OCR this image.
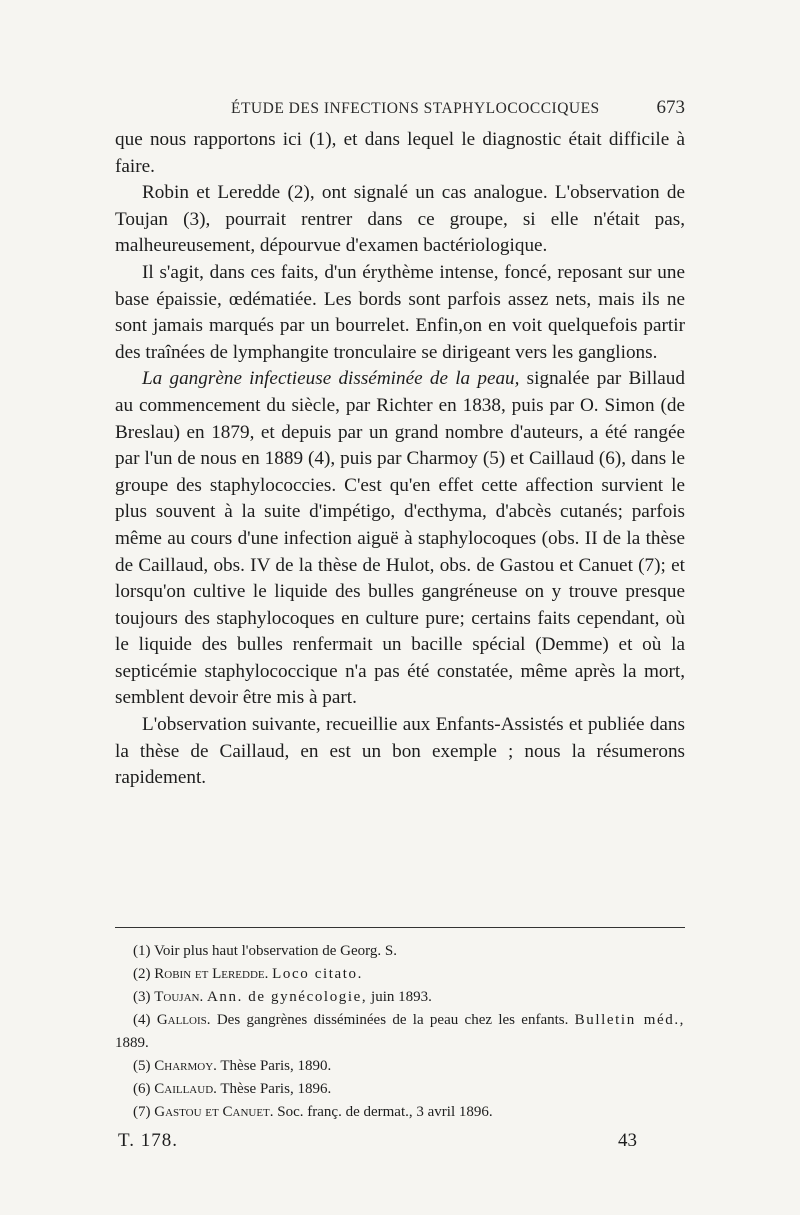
ÉTUDE DES INFECTIONS STAPHYLOCOCCIQUES	673

que nous rapportons ici (1), et dans lequel le diagnostic était difficile à faire.

Robin et Leredde (2), ont signalé un cas analogue. L'observation de Toujan (3), pourrait rentrer dans ce groupe, si elle n'était pas, malheureusement, dépourvue d'examen bactériologique.

Il s'agit, dans ces faits, d'un érythème intense, foncé, reposant sur une base épaissie, œdématiée. Les bords sont parfois assez nets, mais ils ne sont jamais marqués par un bourrelet. Enfin,on en voit quelquefois partir des traînées de lymphangite tronculaire se dirigeant vers les ganglions.

La gangrène infectieuse disséminée de la peau, signalée par Billaud au commencement du siècle, par Richter en 1838, puis par O. Simon (de Breslau) en 1879, et depuis par un grand nombre d'auteurs, a été rangée par l'un de nous en 1889 (4), puis par Charmoy (5) et Caillaud (6), dans le groupe des staphylococcies. C'est qu'en effet cette affection survient le plus souvent à la suite d'impétigo, d'ecthyma, d'abcès cutanés; parfois même au cours d'une infection aiguë à staphylocoques (obs. II de la thèse de Caillaud, obs. IV de la thèse de Hulot, obs. de Gastou et Canuet (7); et lorsqu'on cultive le liquide des bulles gangréneuse on y trouve presque toujours des staphylocoques en culture pure; certains faits cependant, où le liquide des bulles renfermait un bacille spécial (Demme) et où la septicémie staphylococcique n'a pas été constatée, même après la mort, semblent devoir être mis à part.

L'observation suivante, recueillie aux Enfants-Assistés et publiée dans la thèse de Caillaud, en est un bon exemple ; nous la résumerons rapidement.

(1) Voir plus haut l'observation de Georg. S.

(2) Robin et Leredde. Loco citato.

(3) Toujan. Ann. de gynécologie, juin 1893.

(4) Gallois. Des gangrènes disséminées de la peau chez les enfants. Bulletin méd., 1889.

(5) Charmoy. Thèse Paris, 1890.

(6) Caillaud. Thèse Paris, 1896.

(7) Gastou et Canuet. Soc. franç. de dermat., 3 avril 1896.

T. 178.	43
